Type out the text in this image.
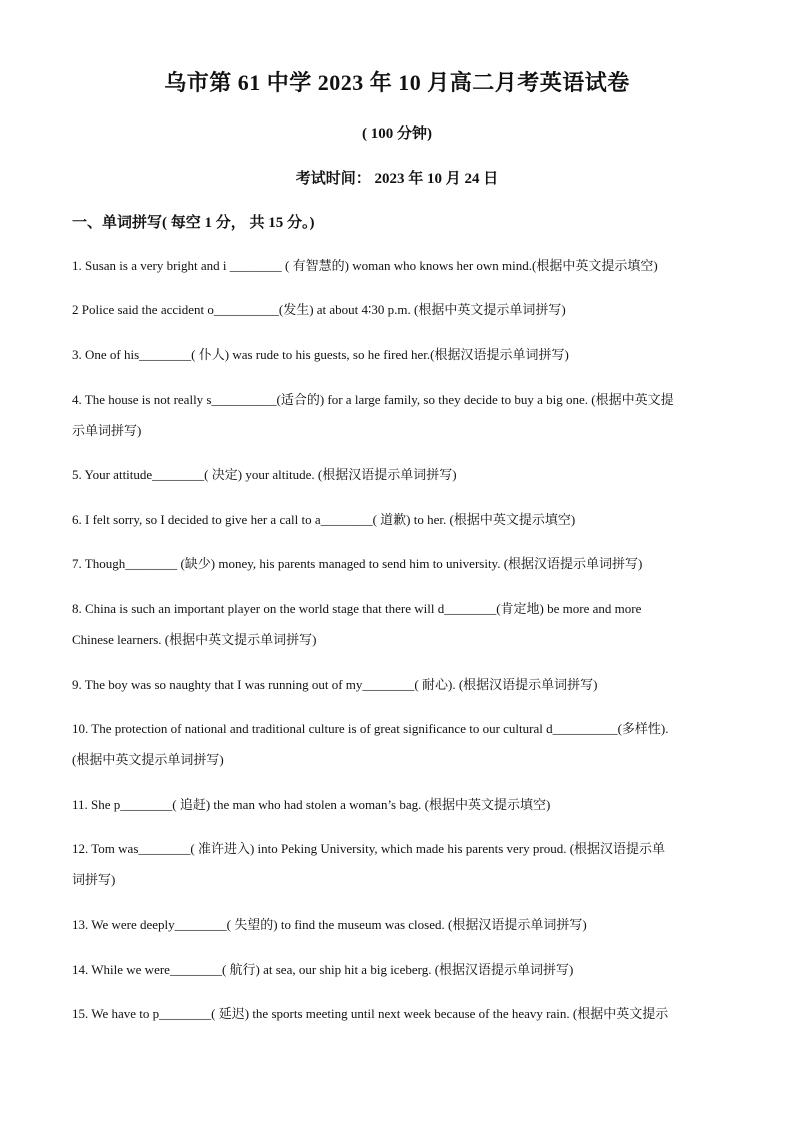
乌市第 61 中学 2023 年 10 月高二月考英语试卷
( 100 分钟)
考试时间： 2023 年 10 月 24 日
一、单词拼写( 每空 1 分， 共 15 分。)
1. Susan is a very bright and i ________ ( 有智慧的) woman who knows her own mind.(根据中英文提示填空)
2 Police said the accident o__________(发生) at about 4∶30 p.m. (根据中英文提示单词拼写)
3. One of his________( 仆人) was rude to his guests, so he fired her.(根据汉语提示单词拼写)
4. The house is not really s__________(适合的) for a large family, so they decide to buy a big one. (根据中英文提
示单词拼写)
5. Your attitude________( 决定) your altitude. (根据汉语提示单词拼写)
6. I felt sorry, so I decided to give her a call to a________( 道歉) to her. (根据中英文提示填空)
7. Though________ (缺少) money, his parents managed to send him to university. (根据汉语提示单词拼写)
8. China is such an important player on the world stage that there will d________(肯定地) be more and more
Chinese learners. (根据中英文提示单词拼写)
9. The boy was so naughty that I was running out of my________( 耐心). (根据汉语提示单词拼写)
10. The protection of national and traditional culture is of great significance to our cultural d__________(多样性).
(根据中英文提示单词拼写)
11. She p________( 追赶) the man who had stolen a woman’s bag. (根据中英文提示填空)
12. Tom was________( 准许进入) into Peking University, which made his parents very proud. (根据汉语提示单
词拼写)
13. We were deeply________( 失望的) to find the museum was closed. (根据汉语提示单词拼写)
14. While we were________( 航行) at sea, our ship hit a big iceberg. (根据汉语提示单词拼写)
15. We have to p________( 延迟) the sports meeting until next week because of the heavy rain. (根据中英文提示
